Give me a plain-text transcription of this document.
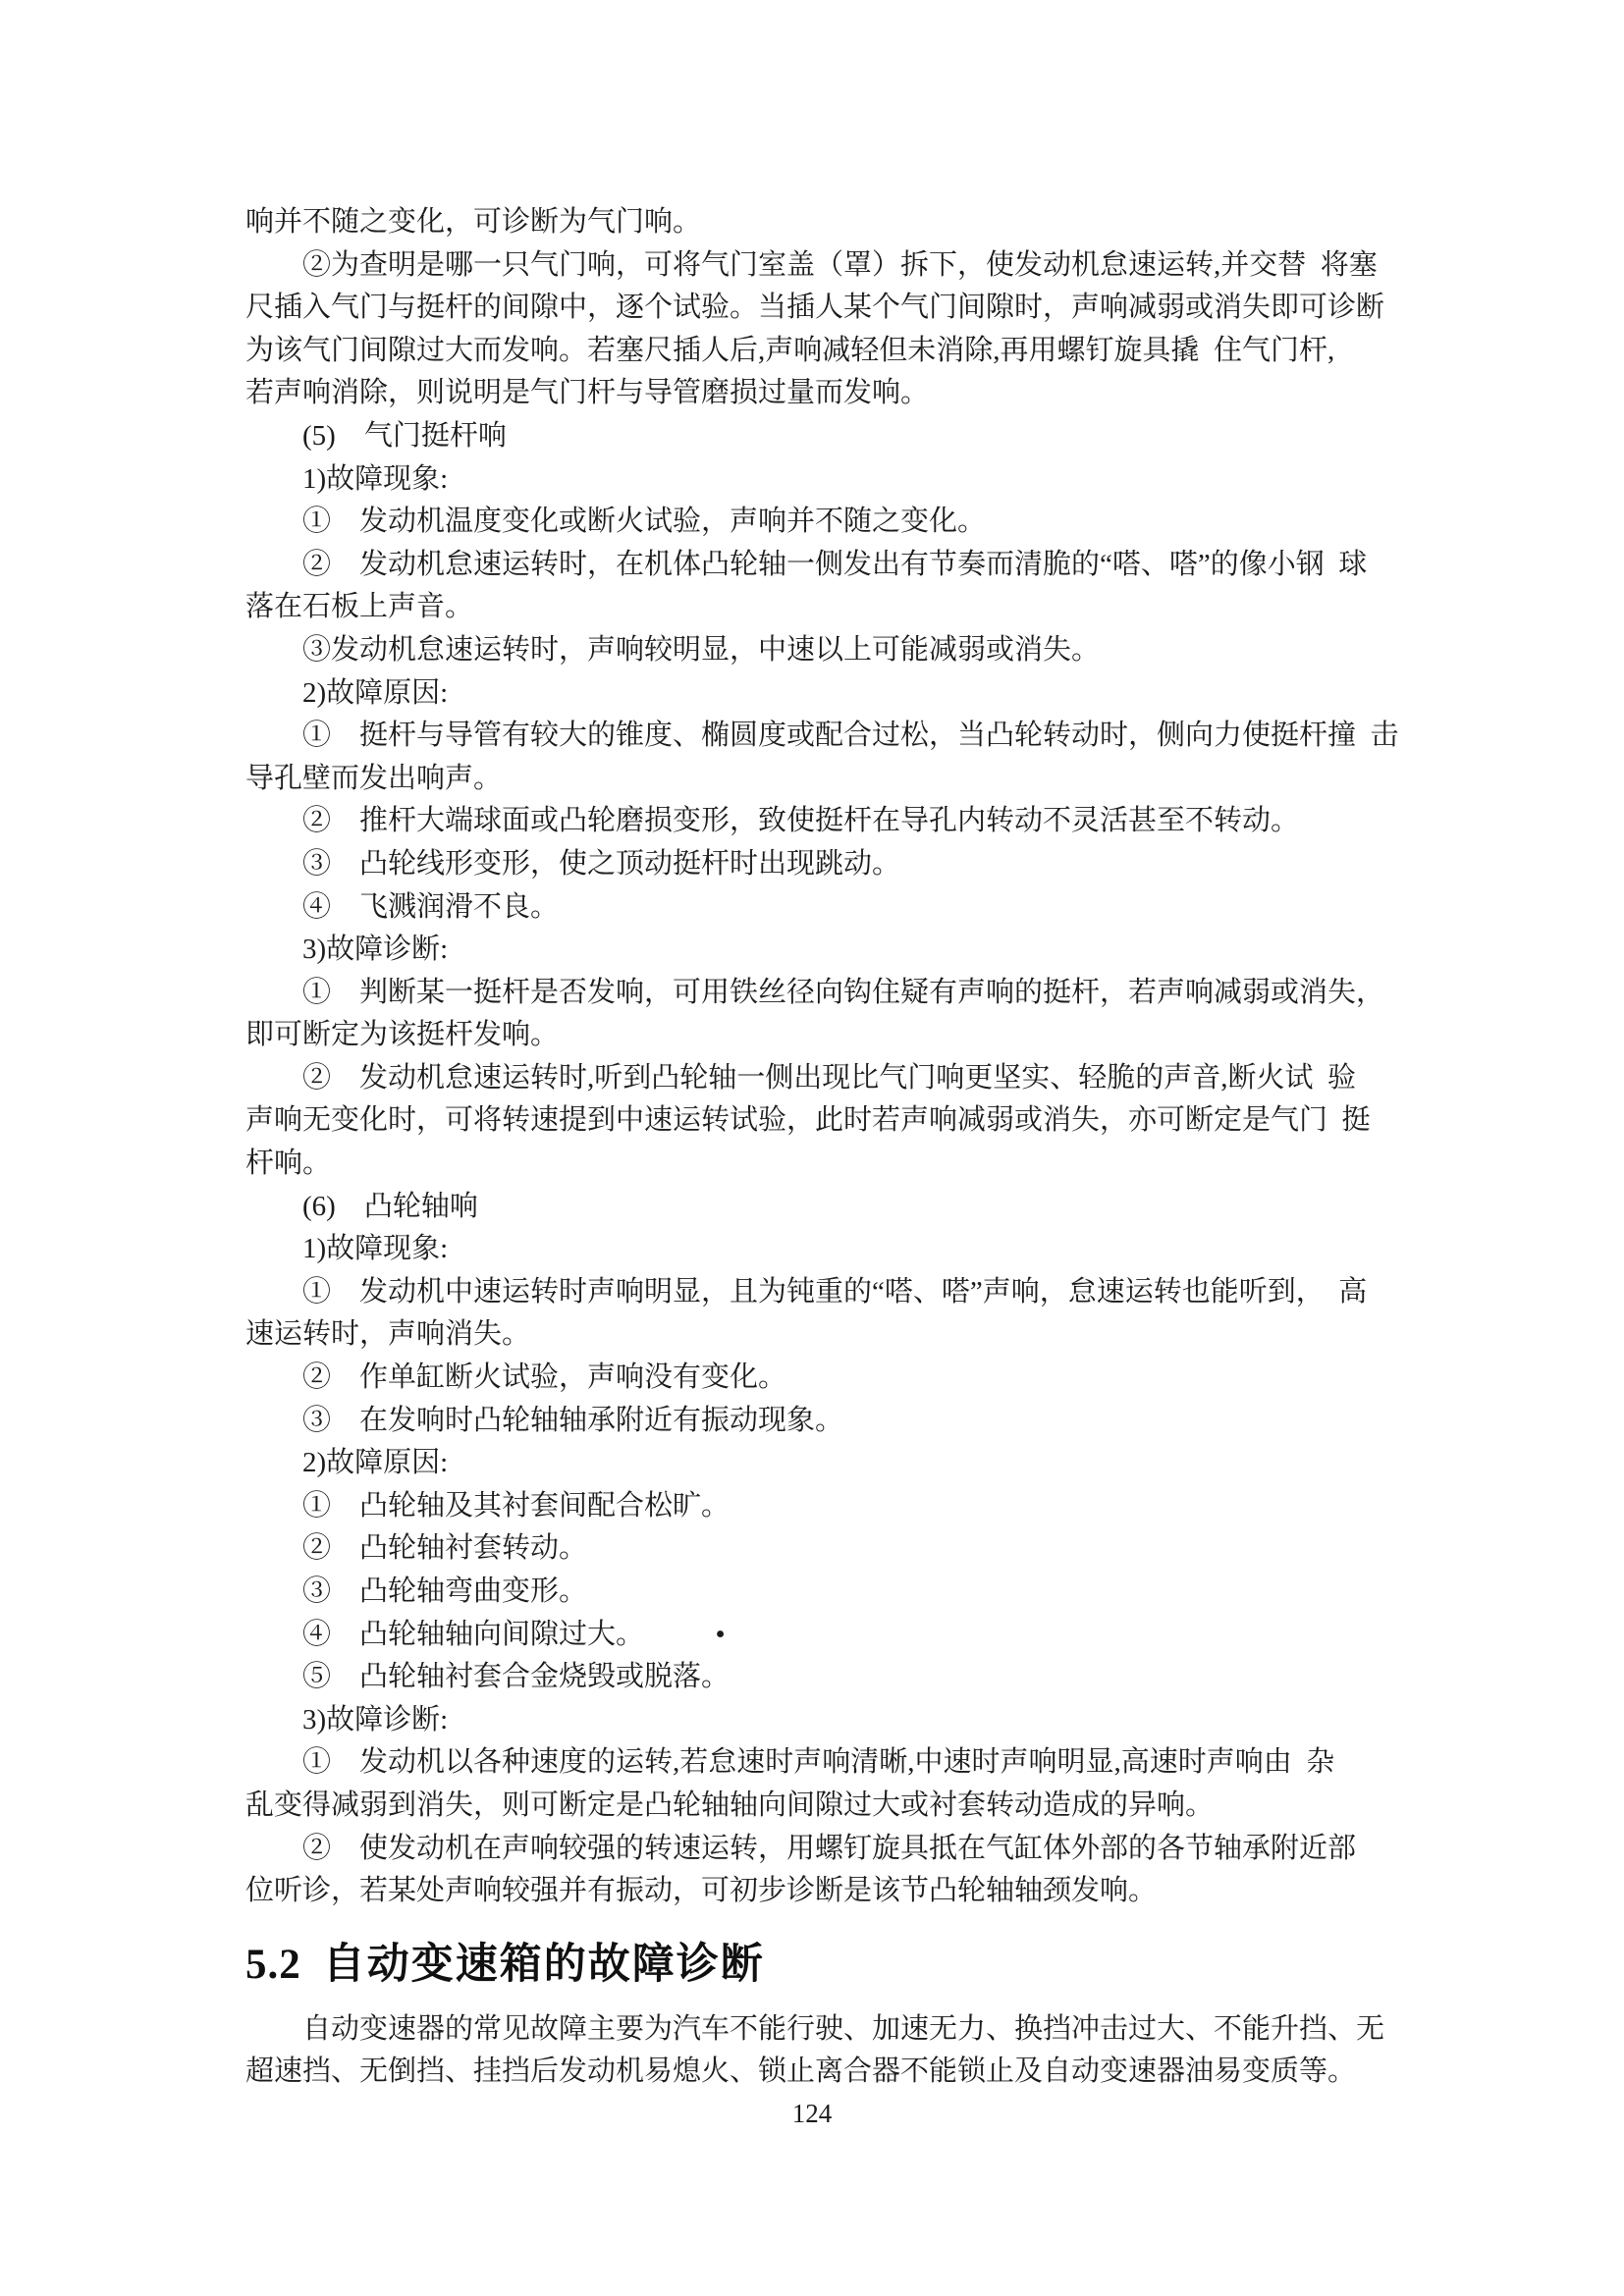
响并不随之变化，可诊断为气门响。
②为查明是哪一只气门响，可将气门室盖（罩）拆下，使发动机怠速运转,并交替  将塞
尺插入气门与挺杆的间隙中，逐个试验。当插人某个气门间隙时，声响减弱或消失即可诊断
为该气门间隙过大而发响。若塞尺插人后,声响减轻但未消除,再用螺钉旋具撬  住气门杆,
若声响消除，则说明是气门杆与导管磨损过量而发响。
(5)　气门挺杆响
1)故障现象:
①　发动机温度变化或断火试验，声响并不随之变化。
②　发动机怠速运转时，在机体凸轮轴一侧发出有节奏而清脆的“嗒、嗒”的像小钢  球
落在石板上声音。
③发动机怠速运转时，声响较明显，中速以上可能减弱或消失。
2)故障原因:
①　挺杆与导管有较大的锥度、椭圆度或配合过松，当凸轮转动时，侧向力使挺杆撞  击
导孔壁而发出响声。
②　推杆大端球面或凸轮磨损变形，致使挺杆在导孔内转动不灵活甚至不转动。
③　凸轮线形变形，使之顶动挺杆时出现跳动。
④　飞溅润滑不良。
3)故障诊断:
①　判断某一挺杆是否发响，可用铁丝径向钩住疑有声响的挺杆，若声响减弱或消失，
即可断定为该挺杆发响。
②　发动机怠速运转时,听到凸轮轴一侧出现比气门响更坚实、轻脆的声音,断火试  验
声响无变化时，可将转速提到中速运转试验，此时若声响减弱或消失，亦可断定是气门  挺
杆响。
(6)　凸轮轴响
1)故障现象:
①　发动机中速运转时声响明显，且为钝重的“嗒、嗒”声响，怠速运转也能听到，  高
速运转时，声响消失。
②　作单缸断火试验，声响没有变化。
③　在发响时凸轮轴轴承附近有振动现象。
2)故障原因:
①　凸轮轴及其衬套间配合松旷。
②　凸轮轴衬套转动。
③　凸轮轴弯曲变形。
④　凸轮轴轴向间隙过大。　　　•
⑤　凸轮轴衬套合金烧毁或脱落。
3)故障诊断:
①　发动机以各种速度的运转,若怠速时声响清晰,中速时声响明显,高速时声响由  杂
乱变得减弱到消失，则可断定是凸轮轴轴向间隙过大或衬套转动造成的异响。
②　使发动机在声响较强的转速运转，用螺钉旋具抵在气缸体外部的各节轴承附近部
位听诊，若某处声响较强并有振动，可初步诊断是该节凸轮轴轴颈发响。
5.2 自动变速箱的故障诊断
自动变速器的常见故障主要为汽车不能行驶、加速无力、换挡冲击过大、不能升挡、无
超速挡、无倒挡、挂挡后发动机易熄火、锁止离合器不能锁止及自动变速器油易变质等。
124
